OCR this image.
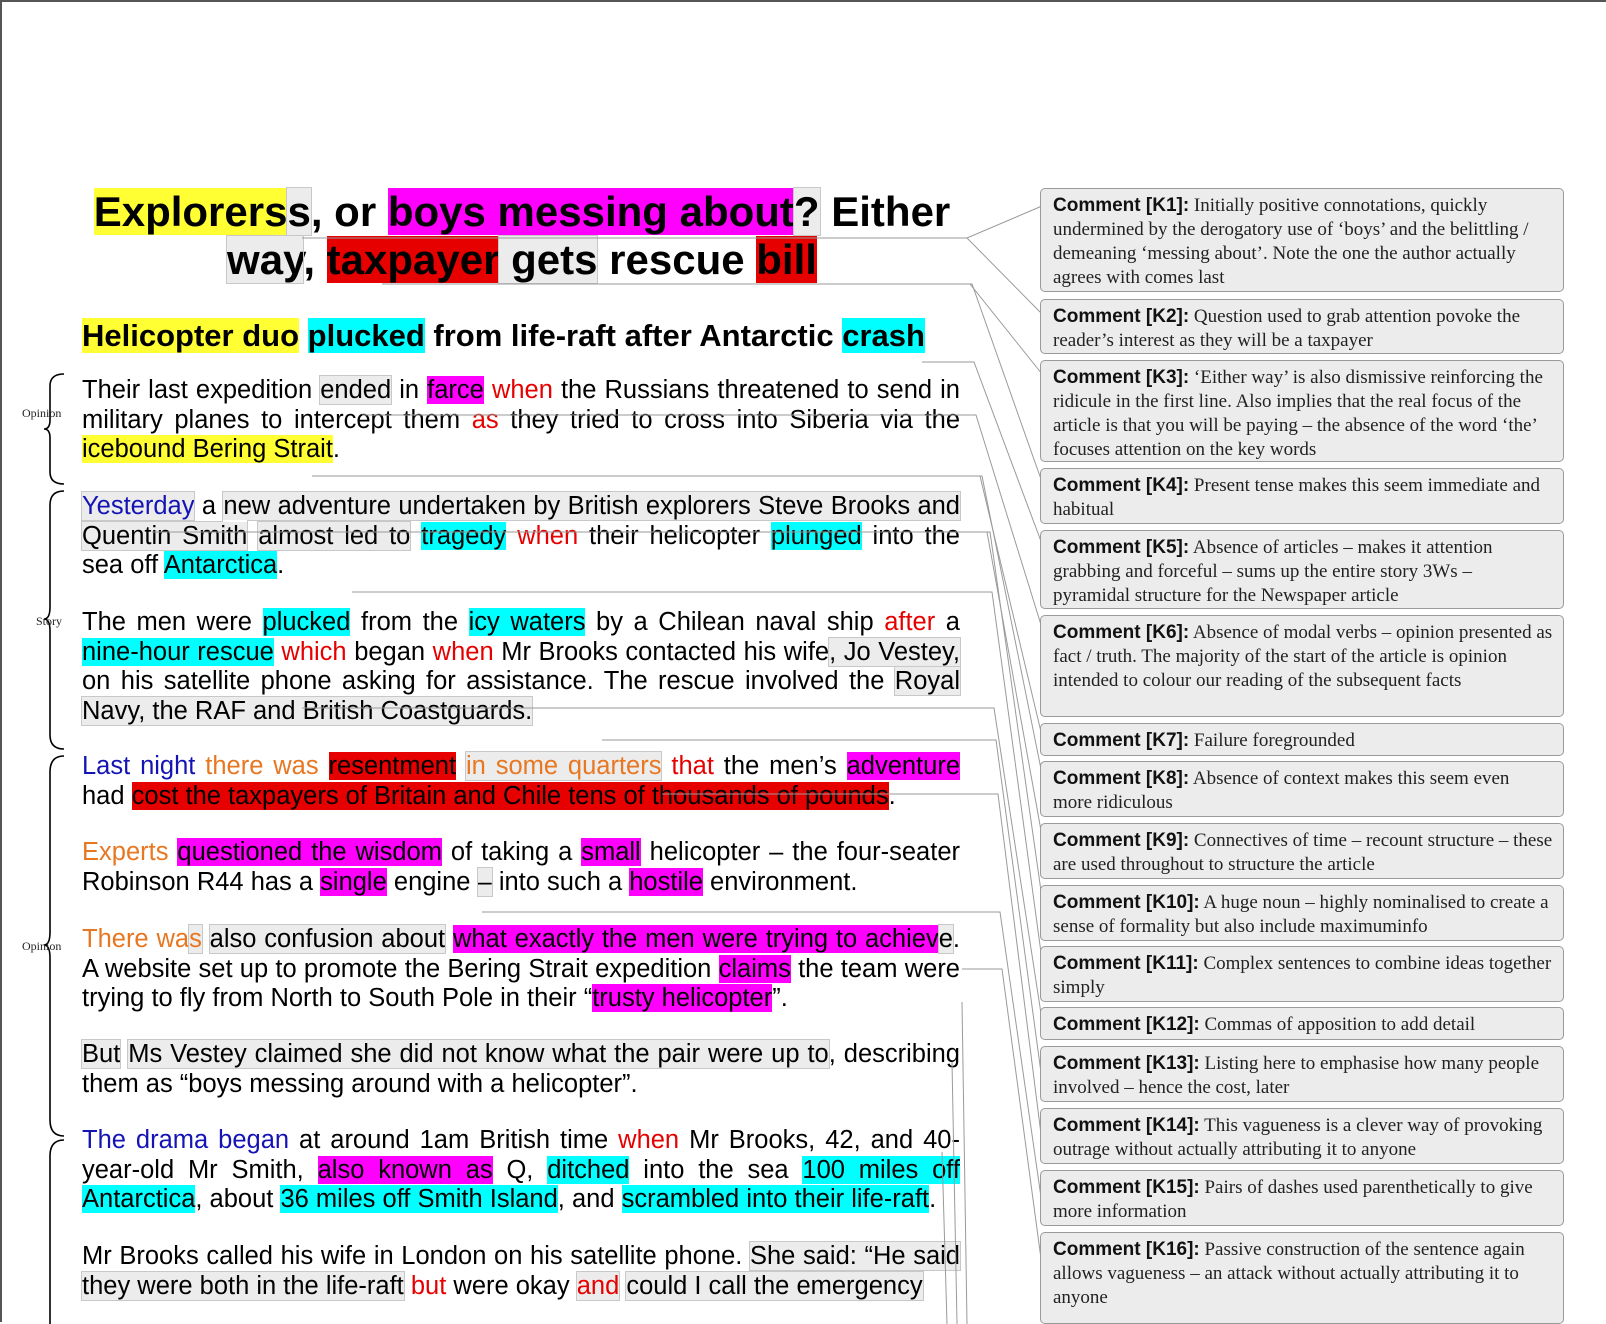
Explorerss, or boys messing about? Either
way, taxpayer gets rescue bill
Helicopter duo plucked from life-raft after Antarctic crash
Their last expedition ended in farce when the Russians threatened to send in military planes to intercept them as they tried to cross into Siberia via the icebound Bering Strait.
Yesterday a new adventure undertaken by British explorers Steve Brooks and Quentin Smith almost led to tragedy when their helicopter plunged into the sea off Antarctica.
The men were plucked from the icy waters by a Chilean naval ship after a nine-hour rescue which began when Mr Brooks contacted his wife, Jo Vestey, on his satellite phone asking for assistance. The rescue involved the Royal Navy, the RAF and British Coastguards.
Last night there was resentment in some quarters that the men’s adventure had cost the taxpayers of Britain and Chile tens of thousands of pounds.
Experts questioned the wisdom of taking a small helicopter – the four-seater Robinson R44 has a single engine – into such a hostile environment.
There was also confusion about what exactly the men were trying to achieve. A website set up to promote the Bering Strait expedition claims the team were trying to fly from North to South Pole in their “trusty helicopter”.
But Ms Vestey claimed she did not know what the pair were up to, describing them as “boys messing around with a helicopter”.
The drama began at around 1am British time when Mr Brooks, 42, and 40-year-old Mr Smith, also known as Q, ditched into the sea 100 miles off Antarctica, about 36 miles off Smith Island, and scrambled into their life-raft.
Mr Brooks called his wife in London on his satellite phone. She said: “He said they were both in the life-raft but were okay and could I call the emergency
Opinion
Story
Opinion
Comment [K1]: Initially positive connotations, quickly undermined by the derogatory use of ‘boys’ and the belittling / demeaning ‘messing about’. Note the one the author actually agrees with comes last
Comment [K2]: Question used to grab attention povoke the reader’s interest as they will be a taxpayer
Comment [K3]: ‘Either way’ is also dismissive reinforcing the ridicule in the first line. Also implies that the real focus of the article is that you will be paying – the absence of the word ‘the’ focuses attention on the key words
Comment [K4]: Present tense makes this seem immediate and habitual
Comment [K5]: Absence of articles – makes it attention grabbing and forceful – sums up the entire story 3Ws – pyramidal structure for the Newspaper article
Comment [K6]: Absence of modal verbs – opinion presented as fact / truth. The majority of the start of the article is opinion intended to colour our reading of the subsequent facts
Comment [K7]: Failure foregrounded
Comment [K8]: Absence of context makes this seem even more ridiculous
Comment [K9]: Connectives of time – recount structure – these are used throughout to structure the article
Comment [K10]: A huge noun – highly nominalised to create a sense of formality but also include maximuminfo
Comment [K11]: Complex sentences to combine ideas together simply
Comment [K12]: Commas of apposition to add detail
Comment [K13]: Listing here to emphasise how many people involved – hence the cost, later
Comment [K14]: This vagueness is a clever way of provoking outrage without actually attributing it to anyone
Comment [K15]: Pairs of dashes used parenthetically to give more information
Comment [K16]: Passive construction of the sentence again allows vagueness – an attack without actually attributing it to anyone
